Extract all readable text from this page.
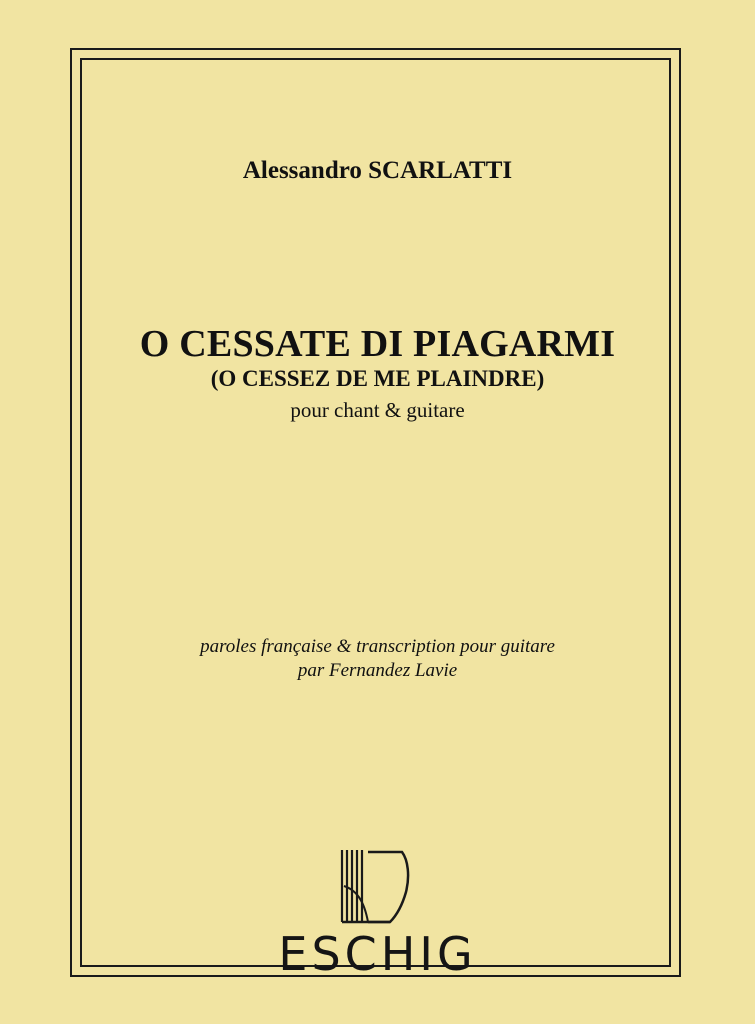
Alessandro SCARLATTI
O CESSATE DI PIAGARMI
(O CESSEZ DE ME PLAINDRE)
pour chant & guitare
paroles française & transcription pour guitare
par Fernandez Lavie
ESCHIG
